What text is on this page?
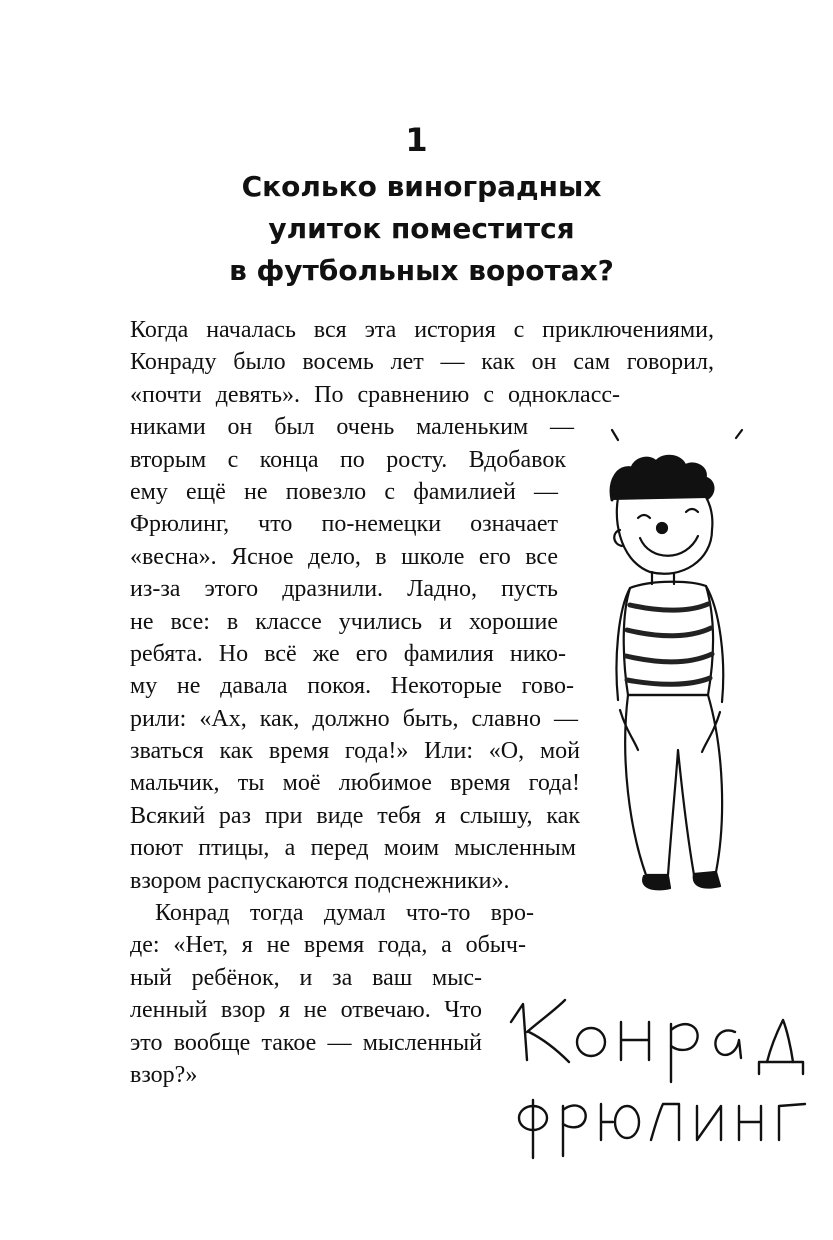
1
Сколько виноградных
улиток поместится
в футбольных воротах?
Когда началась вся эта история с приключениями,
Конраду было восемь лет — как он сам говорил,
«почти девять». По сравнению с однокласс-
никами он был очень маленьким —
вторым с конца по росту. Вдобавок
ему ещё не повезло с фамилией —
Фрюлинг, что по-немецки означает
«весна». Ясное дело, в школе его все
из-за этого дразнили. Ладно, пусть
не все: в классе учились и хорошие
ребята. Но всё же его фамилия нико-
му не давала покоя. Некоторые гово-
рили: «Ах, как, должно быть, славно —
зваться как время года!» Или: «О, мой
мальчик, ты моё любимое время года!
Всякий раз при виде тебя я слышу, как
поют птицы, а перед моим мысленным
взором распускаются подснежники».
Конрад тогда думал что-то вро-
де: «Нет, я не время года, а обыч-
ный ребёнок, и за ваш мыс-
ленный взор я не отвечаю. Что
это вообще такое — мысленный
взор?»
